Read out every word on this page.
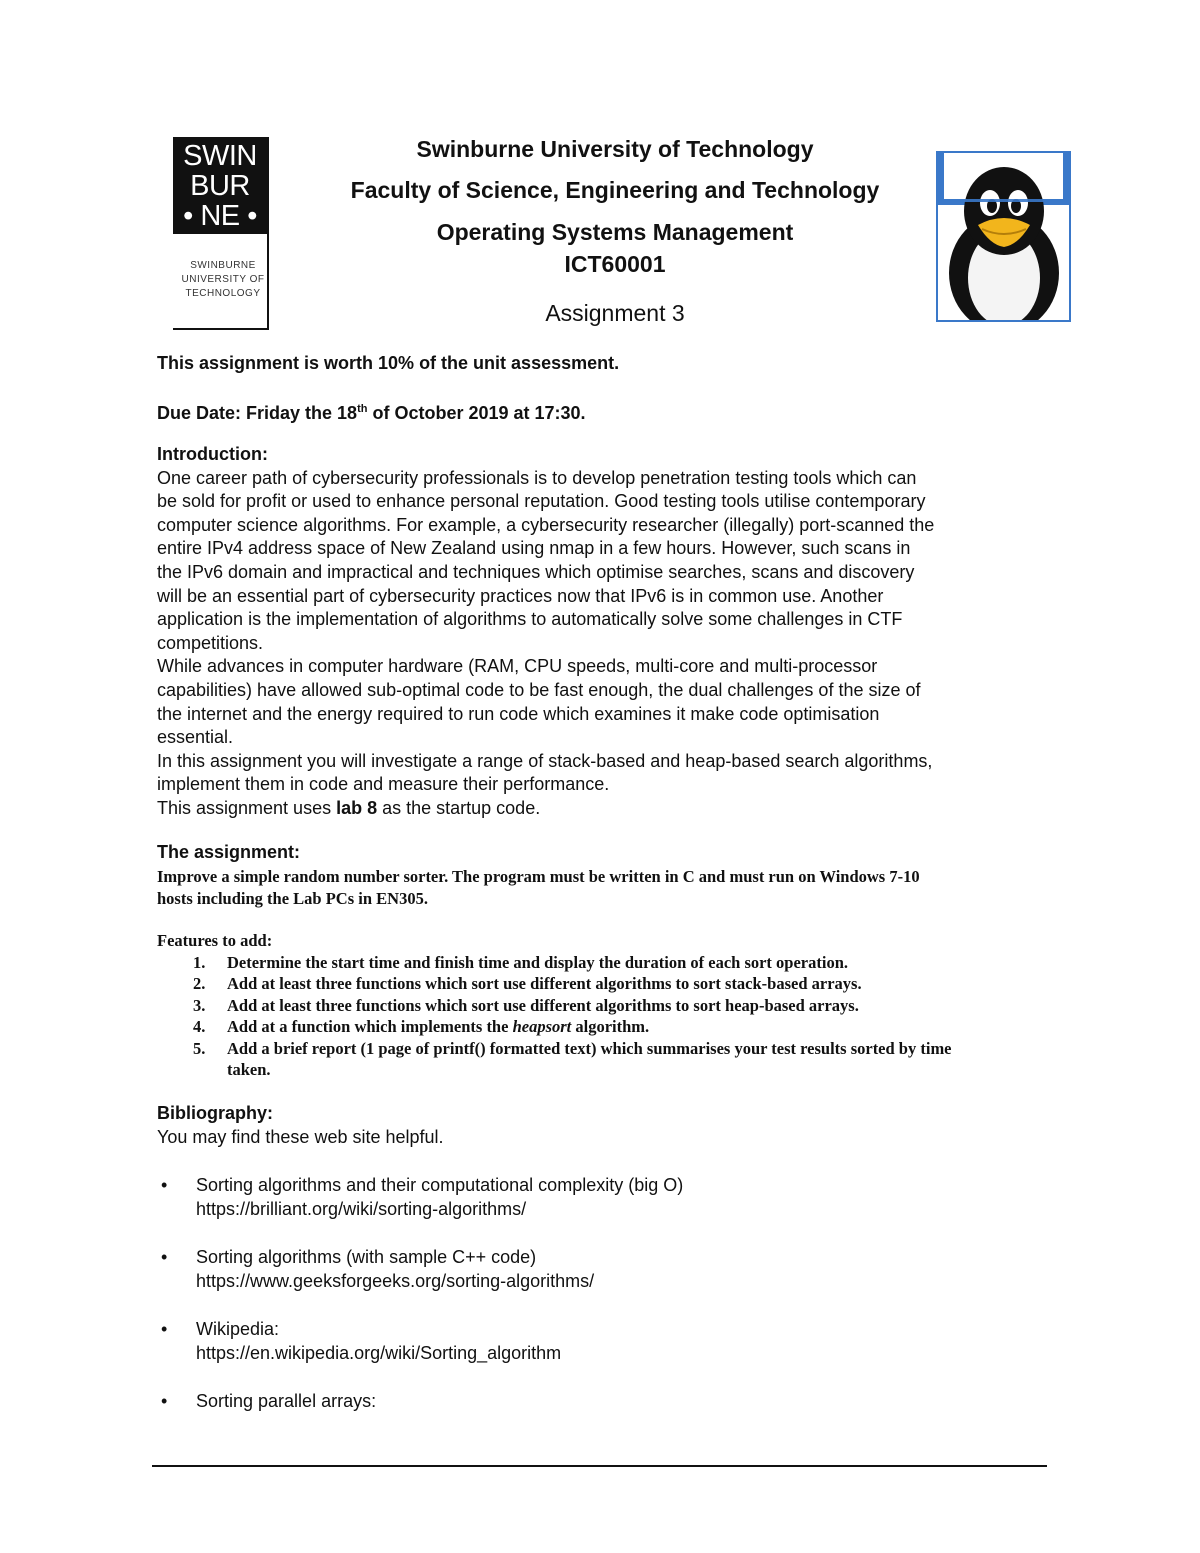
SWIN
BUR
• NE •
SWINBURNE
UNIVERSITY OF
TECHNOLOGY
Swinburne University of Technology
Faculty of Science, Engineering and Technology
Operating Systems Management
ICT60001
Assignment 3
This assignment is worth 10% of the unit assessment.
Due Date: Friday the 18th of October 2019 at 17:30.

Introduction:

One career path of cybersecurity professionals is to develop penetration testing tools which can

be sold for profit or used to enhance personal reputation. Good testing tools utilise contemporary

computer science algorithms. For example, a cybersecurity researcher (illegally) port-scanned the

entire IPv4 address space of New Zealand using nmap in a few hours. However, such scans in

the IPv6 domain and impractical and techniques which optimise searches, scans and discovery

will be an essential part of cybersecurity practices now that IPv6 is in common use. Another

application is the implementation of algorithms to automatically solve some challenges in CTF

competitions.

While advances in computer hardware (RAM, CPU speeds, multi-core and multi-processor

capabilities) have allowed sub-optimal code to be fast enough, the dual challenges of the size of

the internet and the energy required to run code which examines it make code optimisation

essential.

In this assignment you will investigate a range of stack-based and heap-based search algorithms,

implement them in code and measure their performance.

This assignment uses lab 8 as the startup code.

The assignment:
Improve a simple random number sorter. The program must be written in C and must run on Windows 7-10
hosts including the Lab PCs in EN305.
Features to add:
1. Determine the start time and finish time and display the duration of each sort operation.
2. Add at least three functions which sort use different algorithms to sort stack-based arrays.
3. Add at least three functions which sort use different algorithms to sort heap-based arrays.
4. Add at a function which implements the heapsort algorithm.
5. Add a brief report (1 page of printf() formatted text) which summarises your test results sorted by time
taken.
Bibliography:
You may find these web site helpful.
• Sorting algorithms and their computational complexity (big O)
https://brilliant.org/wiki/sorting-algorithms/
• Sorting algorithms (with sample C++ code)
https://www.geeksforgeeks.org/sorting-algorithms/
• Wikipedia:
https://en.wikipedia.org/wiki/Sorting_algorithm
• Sorting parallel arrays:
